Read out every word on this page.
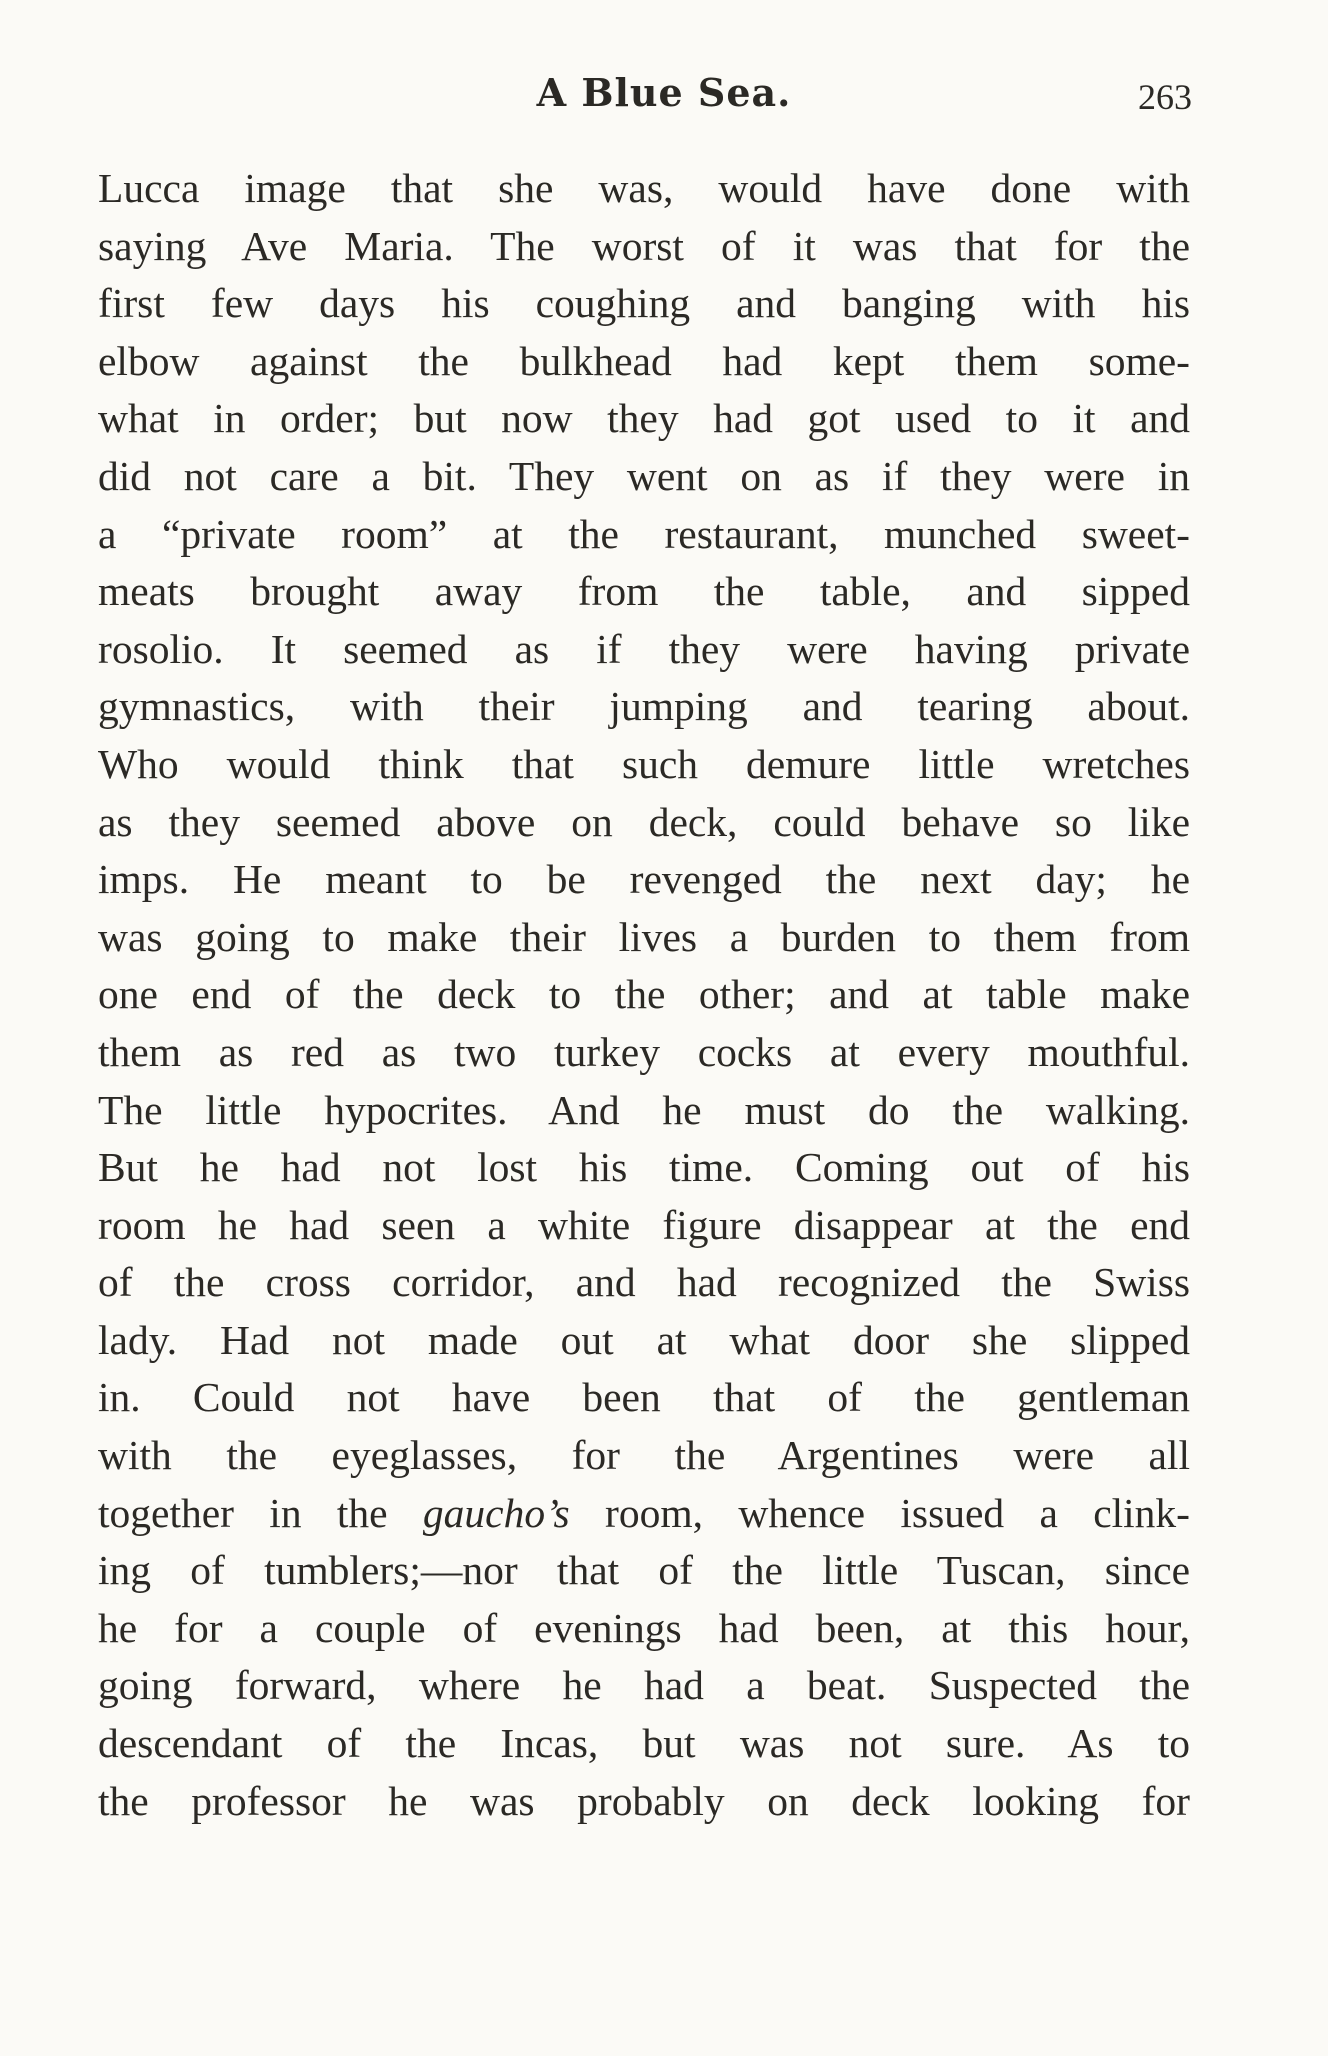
A Blue Sea.	263
Lucca image that she was, would have done with
saying Ave Maria. The worst of it was that for the
first few days his coughing and banging with his
elbow against the bulkhead had kept them some-
what in order; but now they had got used to it and
did not care a bit. They went on as if they were in
a “private room” at the restaurant, munched sweet-
meats brought away from the table, and sipped
rosolio. It seemed as if they were having private
gymnastics, with their jumping and tearing about.
Who would think that such demure little wretches
as they seemed above on deck, could behave so like
imps. He meant to be revenged the next day; he
was going to make their lives a burden to them from
one end of the deck to the other; and at table make
them as red as two turkey cocks at every mouthful.
The little hypocrites. And he must do the walking.
But he had not lost his time. Coming out of his
room he had seen a white figure disappear at the end
of the cross corridor, and had recognized the Swiss
lady. Had not made out at what door she slipped
in. Could not have been that of the gentleman
with the eyeglasses, for the Argentines were all
together in the gaucho’s room, whence issued a clink-
ing of tumblers;—nor that of the little Tuscan, since
he for a couple of evenings had been, at this hour,
going forward, where he had a beat. Suspected the
descendant of the Incas, but was not sure. As to
the professor he was probably on deck looking for
